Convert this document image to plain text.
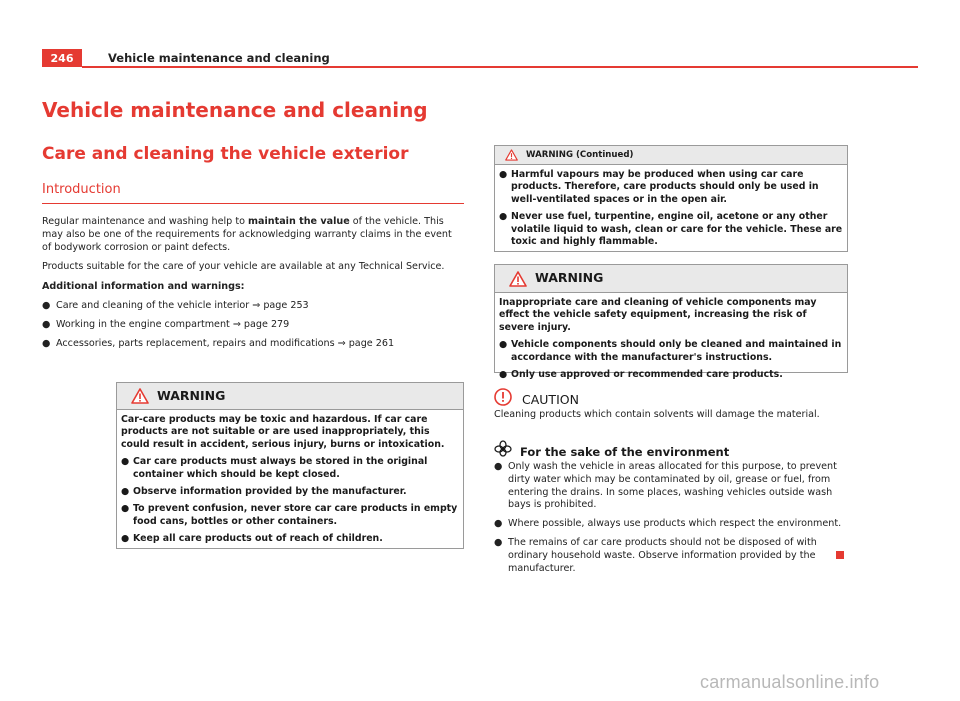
246	Vehicle maintenance and cleaning
Vehicle maintenance and cleaning
Care and cleaning the vehicle exterior
Introduction

Regular maintenance and washing help to maintain the value of the vehicle. This may also be one of the requirements for acknowledging warranty claims in the event of bodywork corrosion or paint defects.

Products suitable for the care of your vehicle are available at any Technical Service.

Additional information and warnings:

● Care and cleaning of the vehicle interior ⇒ page 253
● Working in the engine compartment ⇒ page 279
● Accessories, parts replacement, repairs and modifications ⇒ page 261
WARNING

Car-care products may be toxic and hazardous. If car care products are not suitable or are used inappropriately, this could result in accident, serious injury, burns or intoxication.

● Car care products must always be stored in the original container which should be kept closed.
● Observe information provided by the manufacturer.
● To prevent confusion, never store car care products in empty food cans, bottles or other containers.
● Keep all care products out of reach of children.
WARNING (Continued)
● Harmful vapours may be produced when using car care products. Therefore, care products should only be used in well-ventilated spaces or in the open air.
● Never use fuel, turpentine, engine oil, acetone or any other volatile liquid to wash, clean or care for the vehicle. These are toxic and highly flammable.
WARNING

Inappropriate care and cleaning of vehicle components may effect the vehicle safety equipment, increasing the risk of severe injury.

● Vehicle components should only be cleaned and maintained in accordance with the manufacturer's instructions.
● Only use approved or recommended care products.
CAUTION
Cleaning products which contain solvents will damage the material.
For the sake of the environment
● Only wash the vehicle in areas allocated for this purpose, to prevent dirty water which may be contaminated by oil, grease or fuel, from entering the drains. In some places, washing vehicles outside wash bays is prohibited.
● Where possible, always use products which respect the environment.
● The remains of car care products should not be disposed of with ordinary household waste. Observe information provided by the manufacturer.
carmanualsonline.info
